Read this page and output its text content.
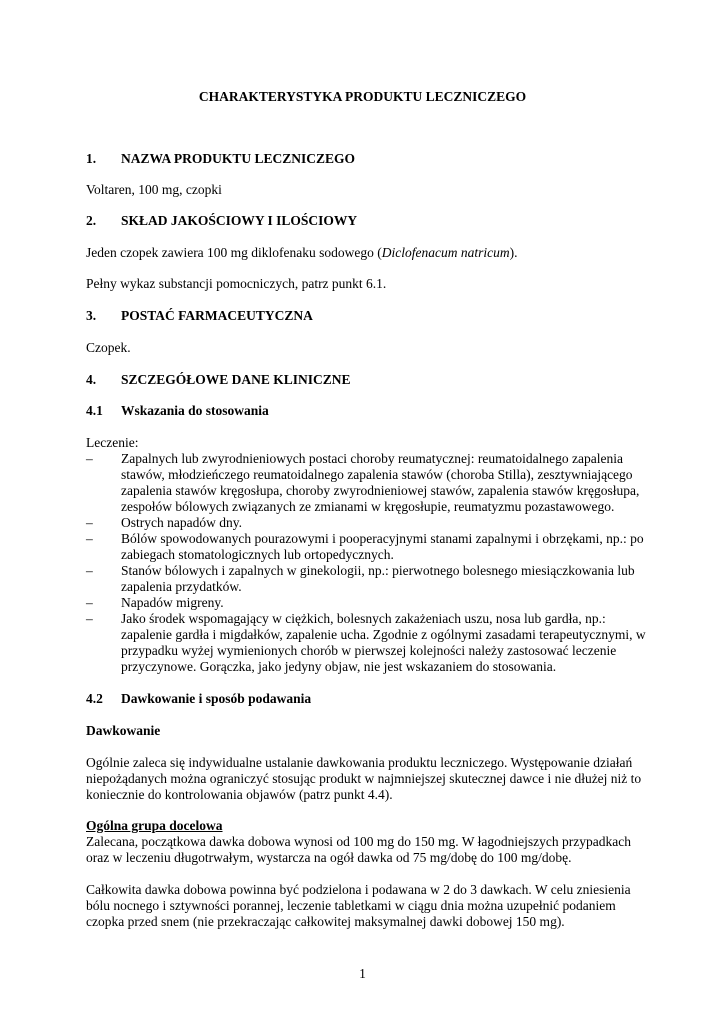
CHARAKTERYSTYKA PRODUKTU LECZNICZEGO

1. NAZWA PRODUKTU LECZNICZEGO

Voltaren, 100 mg, czopki

2. SKŁAD JAKOŚCIOWY I ILOŚCIOWY

Jeden czopek zawiera 100 mg diklofenaku sodowego (Diclofenacum natricum).

Pełny wykaz substancji pomocniczych, patrz punkt 6.1.

3. POSTAĆ FARMACEUTYCZNA

Czopek.

4. SZCZEGÓŁOWE DANE KLINICZNE

4.1 Wskazania do stosowania

Leczenie:

– Zapalnych lub zwyrodnieniowych postaci choroby reumatycznej: reumatoidalnego zapalenia stawów, młodzieńczego reumatoidalnego zapalenia stawów (choroba Stilla), zesztywniającego zapalenia stawów kręgosłupa, choroby zwyrodnieniowej stawów, zapalenia stawów kręgosłupa, zespołów bólowych związanych ze zmianami w kręgosłupie, reumatyzmu pozastawowego.
– Ostrych napadów dny.
– Bólów spowodowanych pourazowymi i pooperacyjnymi stanami zapalnymi i obrzękami, np.: po zabiegach stomatologicznych lub ortopedycznych.
– Stanów bólowych i zapalnych w ginekologii, np.: pierwotnego bolesnego miesiączkowania lub zapalenia przydatków.
– Napadów migreny.
– Jako środek wspomagający w ciężkich, bolesnych zakażeniach uszu, nosa lub gardła, np.: zapalenie gardła i migdałków, zapalenie ucha. Zgodnie z ogólnymi zasadami terapeutycznymi, w przypadku wyżej wymienionych chorób w pierwszej kolejności należy zastosować leczenie przyczynowe. Gorączka, jako jedyny objaw, nie jest wskazaniem do stosowania.

4.2 Dawkowanie i sposób podawania

Dawkowanie

Ogólnie zaleca się indywidualne ustalanie dawkowania produktu leczniczego. Występowanie działań niepożądanych można ograniczyć stosując produkt w najmniejszej skutecznej dawce i nie dłużej niż to koniecznie do kontrolowania objawów (patrz punkt 4.4).

Ogólna grupa docelowa

Zalecana, początkowa dawka dobowa wynosi od 100 mg do 150 mg. W łagodniejszych przypadkach oraz w leczeniu długotrwałym, wystarcza na ogół dawka od 75 mg/dobę do 100 mg/dobę.

Całkowita dawka dobowa powinna być podzielona i podawana w 2 do 3 dawkach. W celu zniesienia bólu nocnego i sztywności porannej, leczenie tabletkami w ciągu dnia można uzupełnić podaniem czopka przed snem (nie przekraczając całkowitej maksymalnej dawki dobowej 150 mg).

1
